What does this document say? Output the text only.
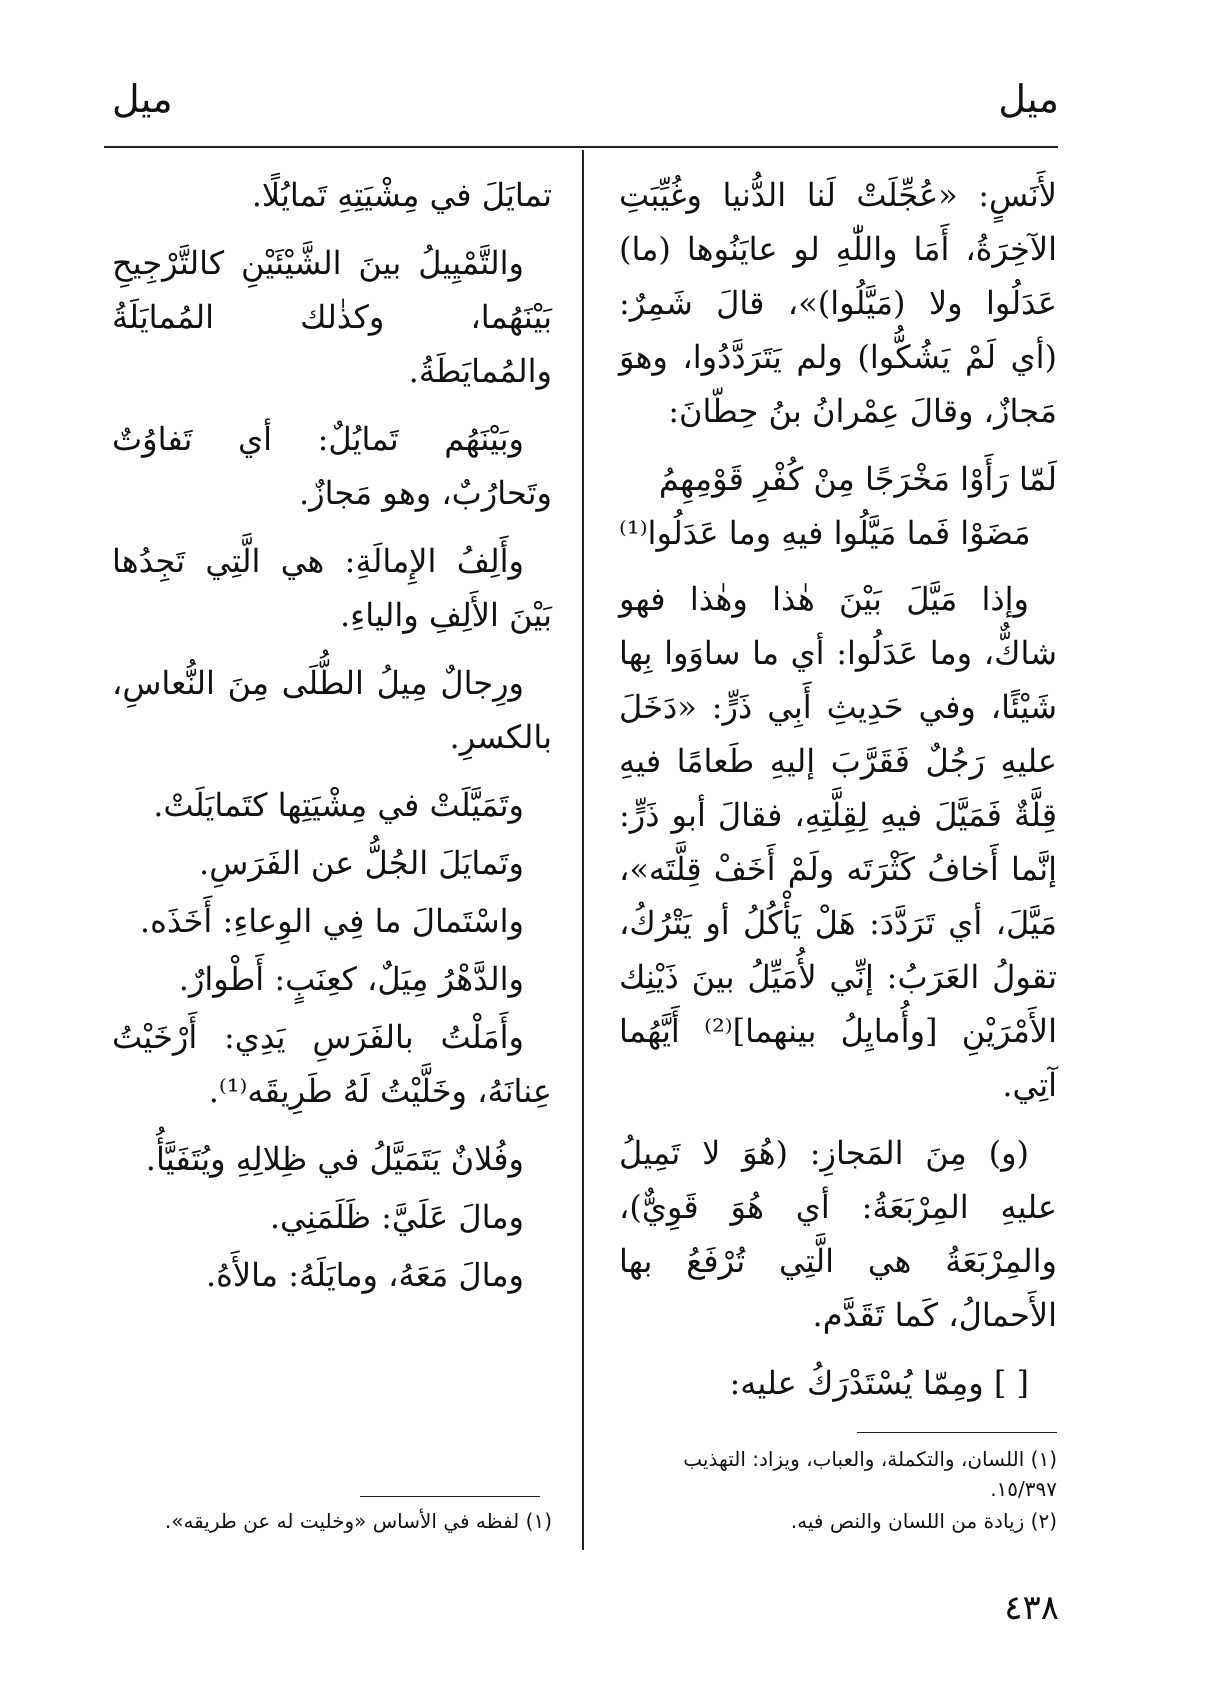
ميل
ميل

لأَنَسٍ: «عُجِّلَتْ لَنا الدُّنيا وغُيِّبَتِ الآخِرَةُ، أَمَا واللّٰهِ لو عايَنُوها (ما) عَدَلُوا ولا (مَيَّلُوا)»، قالَ شَمِرٌ: (أي لَمْ يَشُكُّوا) ولم يَتَرَدَّدُوا، وهوَ مَجازٌ، وقالَ عِمْرانُ بنُ حِطّانَ:

لَمّا رَأَوْا مَخْرَجًا مِنْ كُفْرِ قَوْمِهِمُ
مَضَوْا فَما مَيَّلُوا فيهِ وما عَدَلُوا⁽¹⁾

وإذا مَيَّلَ بَيْنَ هٰذا وهٰذا فهو شاكٌّ، وما عَدَلُوا: أي ما ساوَوا بِها شَيْئًا، وفي حَدِيثِ أَبِي ذَرٍّ: «دَخَلَ عليهِ رَجُلٌ فَقَرَّبَ إليهِ طَعامًا فيهِ قِلَّةٌ فَمَيَّلَ فيهِ لِقِلَّتِهِ، فقالَ أبو ذَرٍّ: إنَّما أَخافُ كَثْرَتَه ولَمْ أَخَفْ قِلَّتَه»، مَيَّلَ، أي تَرَدَّدَ: هَلْ يَأْكُلُ أو يَتْرُكُ، تقولُ العَرَبُ: إنِّي لأُمَيِّلُ بينَ ذَيْنِك الأَمْرَيْنِ [وأُمايِلُ بينهما]⁽²⁾ أَيَّهُما آتِي.

(و) مِنَ المَجازِ: (هُوَ لا تَمِيلُ عليهِ المِرْبَعَةُ: أي هُوَ قَوِيٌّ)، والمِرْبَعَةُ هي الَّتِي تُرْفَعُ بها الأَحمالُ، كَما تَقَدَّم.

[ ] ومِمّا يُسْتَدْرَكُ عليه:

تمايَلَ في مِشْيَتِهِ تَمايُلًا.

والتَّمْيِيلُ بينَ الشَّيْئَيْنِ كالتَّرْجِيحِ بَيْنَهُما، وكذٰلك المُمايَلَةُ والمُمايَطَةُ.

وبَيْنَهُم تَمايُلٌ: أي تَفاوُتٌ وتَحارُبٌ، وهو مَجازٌ.

وأَلِفُ الإِمالَةِ: هي الَّتِي تَجِدُها بَيْنَ الأَلِفِ والياءِ.

ورِجالٌ مِيلُ الطُّلَى مِنَ النُّعاسِ، بالكسرِ.

وتَمَيَّلَتْ في مِشْيَتِها كتَمايَلَتْ.

وتَمايَلَ الجُلُّ عن الفَرَسِ.

واسْتَمالَ ما فِي الوِعاءِ: أَخَذَه.

والدَّهْرُ مِيَلٌ، كعِنَبٍ: أَطْوارٌ.

وأَمَلْتُ بالفَرَسِ يَدِي: أَرْخَيْتُ عِنانَهُ، وخَلَّيْتُ لَهُ طَرِيقَه⁽¹⁾.

وفُلانٌ يَتَمَيَّلُ في ظِلالِهِ ويُتَفَيَّأُ.

ومالَ عَلَيَّ: ظَلَمَنِي.

ومالَ مَعَهُ، ومايَلَهُ: مالأَهُ.

(١) اللسان، والتكملة، والعباب، ويزاد: التهذيب ١٥/٣٩٧.
(٢) زيادة من اللسان والنص فيه.
(١) لفظه في الأساس «وخليت له عن طريقه».
٤٣٨
